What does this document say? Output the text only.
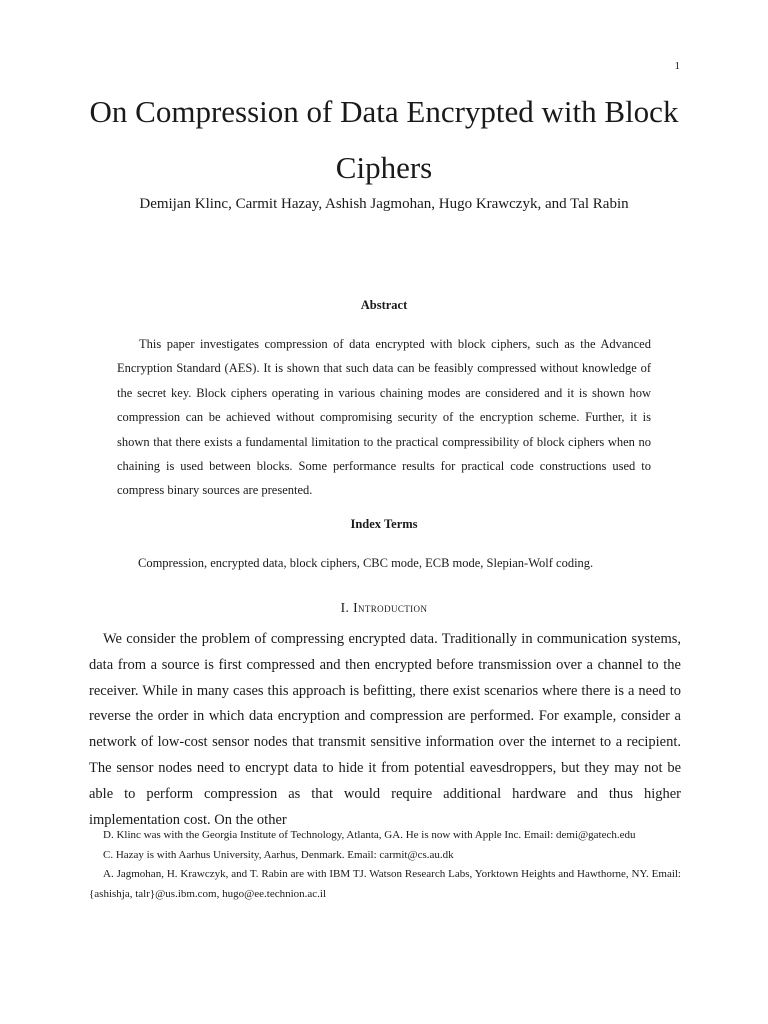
1
On Compression of Data Encrypted with Block Ciphers
Demijan Klinc, Carmit Hazay, Ashish Jagmohan, Hugo Krawczyk, and Tal Rabin
Abstract

This paper investigates compression of data encrypted with block ciphers, such as the Advanced Encryption Standard (AES). It is shown that such data can be feasibly compressed without knowledge of the secret key. Block ciphers operating in various chaining modes are considered and it is shown how compression can be achieved without compromising security of the encryption scheme. Further, it is shown that there exists a fundamental limitation to the practical compressibility of block ciphers when no chaining is used between blocks. Some performance results for practical code constructions used to compress binary sources are presented.

Index Terms
Compression, encrypted data, block ciphers, CBC mode, ECB mode, Slepian-Wolf coding.
I. Introduction

We consider the problem of compressing encrypted data. Traditionally in communication systems, data from a source is first compressed and then encrypted before transmission over a channel to the receiver. While in many cases this approach is befitting, there exist scenarios where there is a need to reverse the order in which data encryption and compression are performed. For example, consider a network of low-cost sensor nodes that transmit sensitive information over the internet to a recipient. The sensor nodes need to encrypt data to hide it from potential eavesdroppers, but they may not be able to perform compression as that would require additional hardware and thus higher implementation cost. On the other

D. Klinc was with the Georgia Institute of Technology, Atlanta, GA. He is now with Apple Inc. Email: demi@gatech.edu

C. Hazay is with Aarhus University, Aarhus, Denmark. Email: carmit@cs.au.dk

A. Jagmohan, H. Krawczyk, and T. Rabin are with IBM TJ. Watson Research Labs, Yorktown Heights and Hawthorne, NY. Email: {ashishja, talr}@us.ibm.com, hugo@ee.technion.ac.il
